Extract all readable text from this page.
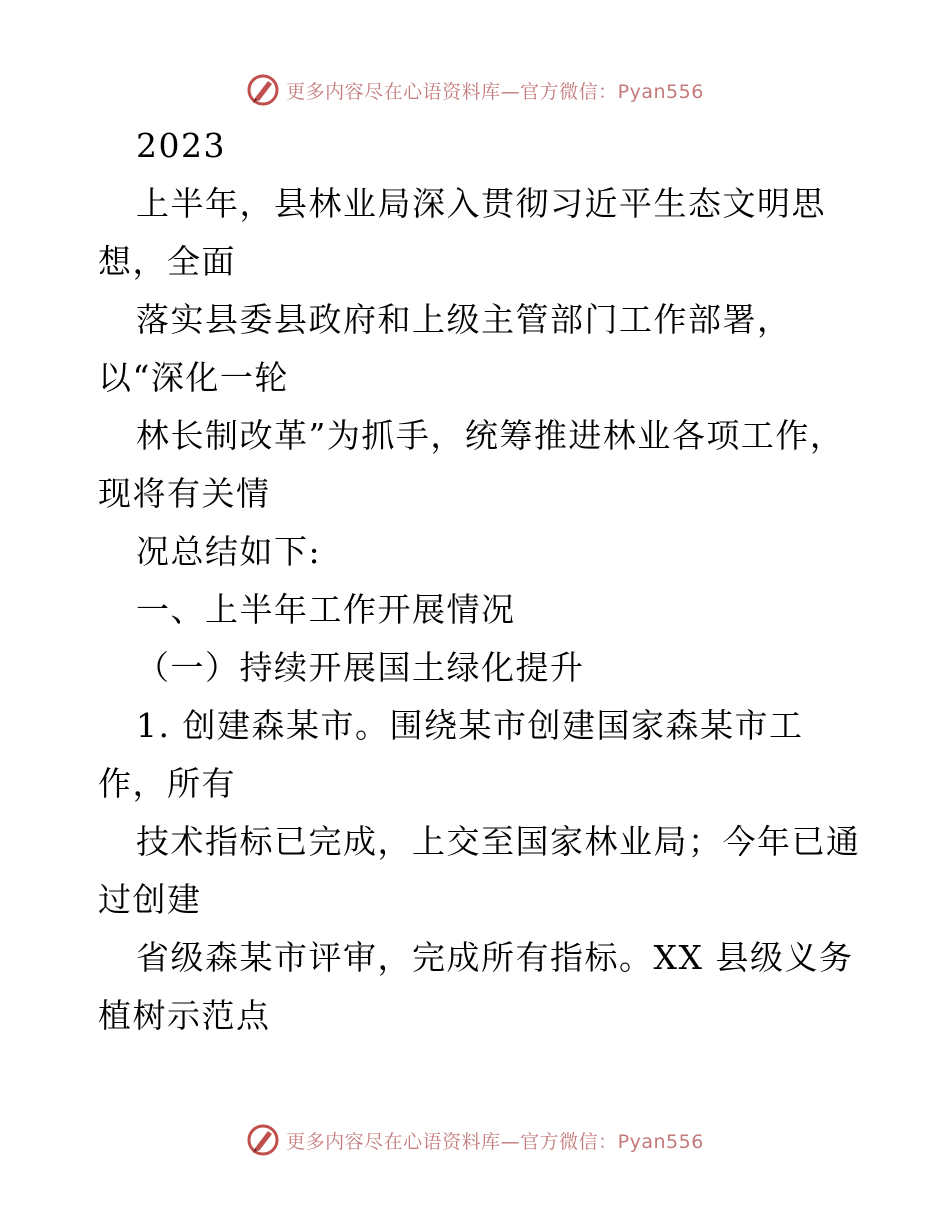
更多内容尽在心语资料库—官方微信：Pyan556
2023
上半年，县林业局深入贯彻习近平生态文明思
想，全面
落实县委县政府和上级主管部门工作部署，
以“深化一轮
林长制改革”为抓手，统筹推进林业各项工作，
现将有关情
况总结如下:
一、上半年工作开展情况
（一）持续开展国土绿化提升
1. 创建森某市。围绕某市创建国家森某市工
作，所有
技术指标已完成，上交至国家林业局；今年已通
过创建
省级森某市评审，完成所有指标。XX 县级义务
植树示范点
更多内容尽在心语资料库—官方微信：Pyan556
